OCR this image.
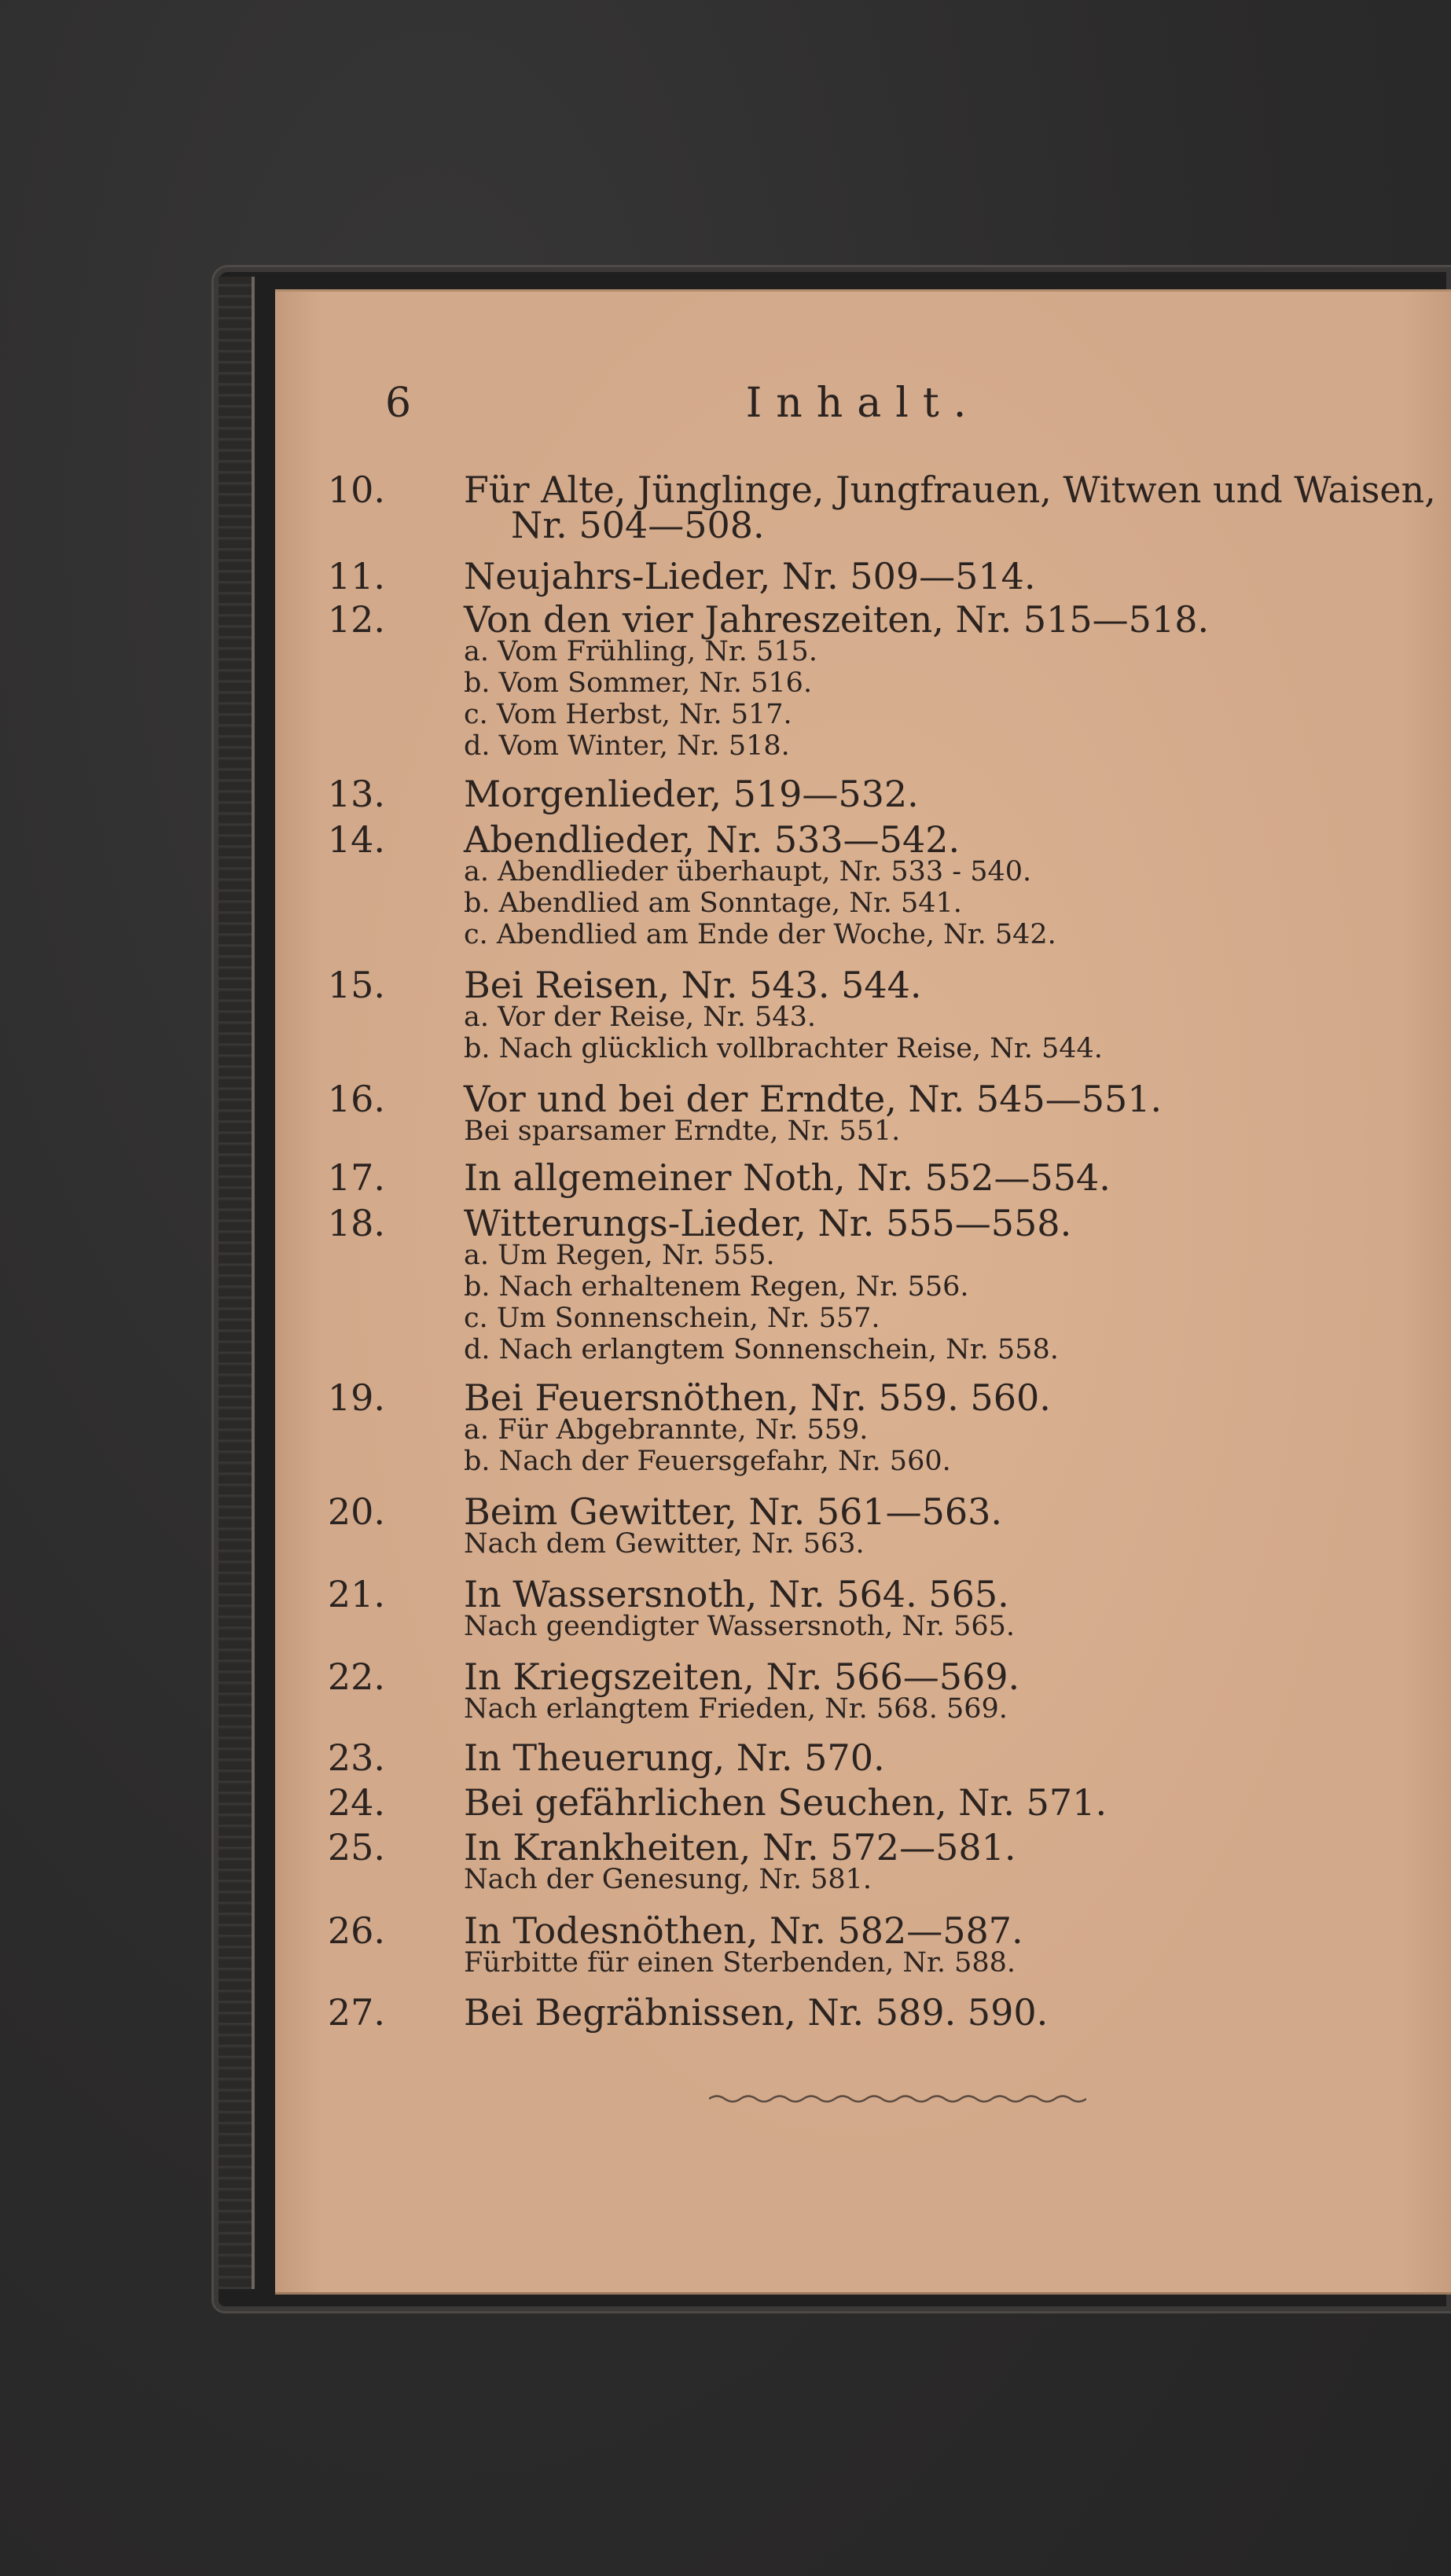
6	Inhalt.
10. Für Alte, Jünglinge, Jungfrauen, Witwen und Waisen,
Nr. 504—508.
11. Neujahrs-Lieder, Nr. 509—514.
12. Von den vier Jahreszeiten, Nr. 515—518.
a. Vom Frühling, Nr. 515.
b. Vom Sommer, Nr. 516.
c. Vom Herbst, Nr. 517.
d. Vom Winter, Nr. 518.
13. Morgenlieder, 519—532.
14. Abendlieder, Nr. 533—542.
a. Abendlieder überhaupt, Nr. 533 - 540.
b. Abendlied am Sonntage, Nr. 541.
c. Abendlied am Ende der Woche, Nr. 542.
15. Bei Reisen, Nr. 543. 544.
a. Vor der Reise, Nr. 543.
b. Nach glücklich vollbrachter Reise, Nr. 544.
16. Vor und bei der Erndte, Nr. 545—551.
Bei sparsamer Erndte, Nr. 551.
17. In allgemeiner Noth, Nr. 552—554.
18. Witterungs-Lieder, Nr. 555—558.
a. Um Regen, Nr. 555.
b. Nach erhaltenem Regen, Nr. 556.
c. Um Sonnenschein, Nr. 557.
d. Nach erlangtem Sonnenschein, Nr. 558.
19. Bei Feuersnöthen, Nr. 559. 560.
a. Für Abgebrannte, Nr. 559.
b. Nach der Feuersgefahr, Nr. 560.
20. Beim Gewitter, Nr. 561—563.
Nach dem Gewitter, Nr. 563.
21. In Wassersnoth, Nr. 564. 565.
Nach geendigter Wassersnoth, Nr. 565.
22. In Kriegszeiten, Nr. 566—569.
Nach erlangtem Frieden, Nr. 568. 569.
23. In Theuerung, Nr. 570.
24. Bei gefährlichen Seuchen, Nr. 571.
25. In Krankheiten, Nr. 572—581.
Nach der Genesung, Nr. 581.
26. In Todesnöthen, Nr. 582—587.
Fürbitte für einen Sterbenden, Nr. 588.
27. Bei Begräbnissen, Nr. 589. 590.
